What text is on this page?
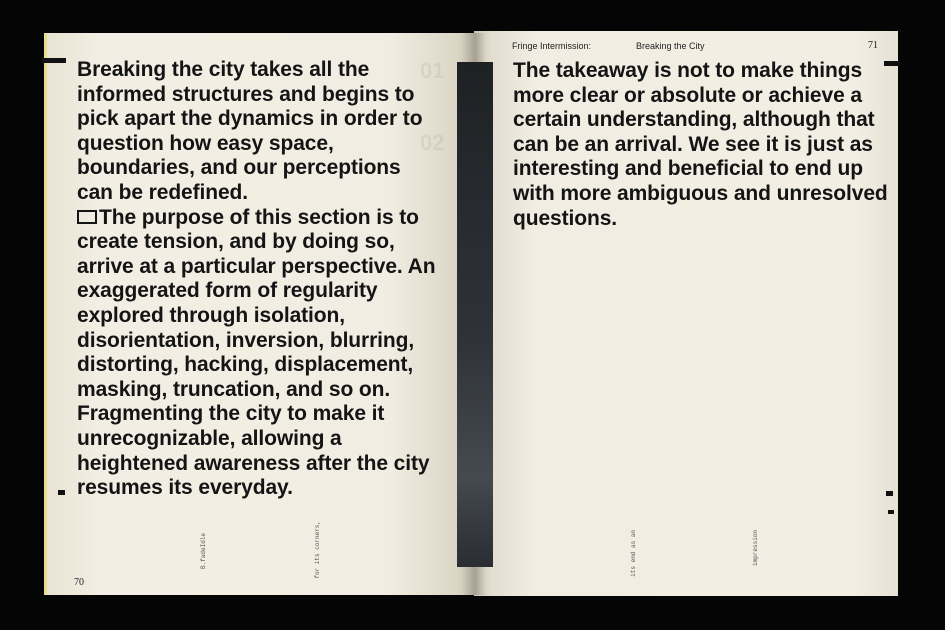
01
02

Breaking the city takes all the informed structures and begins to pick apart the dynamics in order to question how easy space, boundaries, and our perceptions can be redefined.
The purpose of this section is to create tension, and by doing so, arrive at a particular perspective. An exaggerated form of regularity explored through isolation, disorientation, inversion, blurring, distorting, hacking, displacement, masking, truncation, and so on. Fragmenting the city to make it unrecognizable, allowing a heightened awareness after the city resumes its everyday.

Fringe Intermission:	Breaking the City	71

The takeaway is not to make things more clear or absolute or achieve a certain understanding, although that can be an arrival. We see it is just as interesting and beneficial to end up with more ambiguous and unresolved questions.

B.fadeIdle	for its corners,	its end as an	impression
70
